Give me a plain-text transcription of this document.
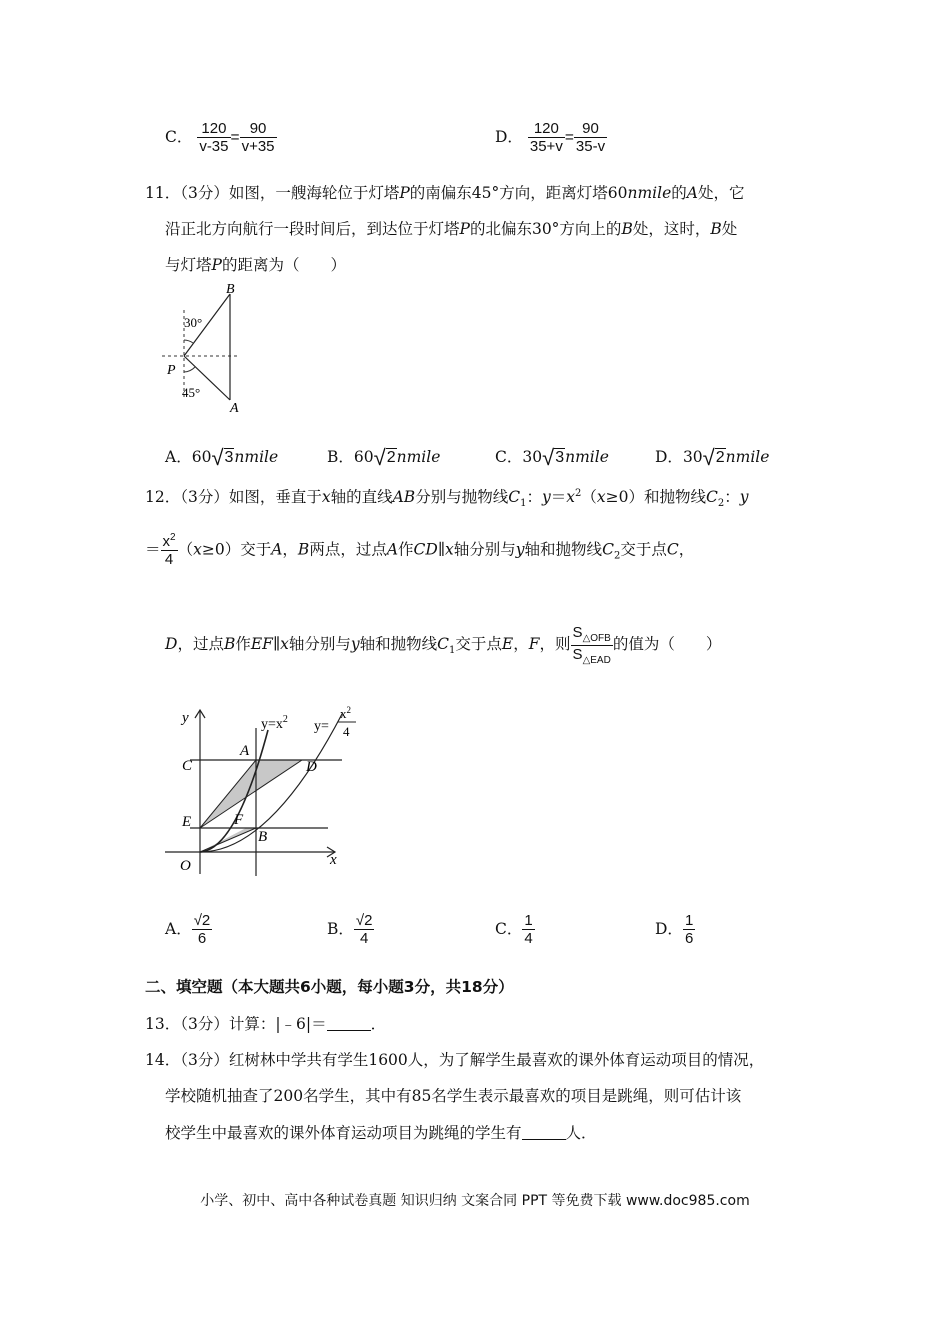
C． $\frac{120}{v-35} = \frac{90}{v+35}$	D． $\frac{120}{35+v} = \frac{90}{35-v}$
11．（3分）如图，一艘海轮位于灯塔P的南偏东45°方向，距离灯塔60nmile的A处，它
沿正北方向航行一段时间后，到达位于灯塔P的北偏东30°方向上的B处，这时，B处
与灯塔P的距离为（　　）
B
P
A
30°
45°
A．60√3nmile	B．60√2nmile	C．30√3nmile	D．30√2nmile
12．（3分）如图，垂直于x轴的直线AB分别与抛物线$C_1$：$y=x^2(x\ge 0)$和抛物线$C_2$：y
＝ $\frac{x^2}{4} (x\ge 0)$交于A，B两点，过点A作CD∥x轴分别与y轴和抛物线$C_2$交于点C，
D，过点B作EF∥x轴分别与y轴和抛物线$C_1$交于点E，F，则 $\frac{S_{\triangle OFB}}{S_{\triangle EAD}}$ 的值为（　　）
y
x
O
C
E
A
D
F
B
$y=x^2$ y=
$x^2$
4
A． $\frac{√2}{6}$	B． $\frac{√2}{4}$	C． $\frac{1}{4}$	D． $\frac{1}{6}$
二、填空题（本大题共6小题，每小题3分，共18分）
13．（3分）计算：|﹣6|＝	．
14．（3分）红树林中学共有学生1600人，为了解学生最喜欢的课外体育运动项目的情况，
学校随机抽查了200名学生，其中有85名学生表示最喜欢的项目是跳绳，则可估计该
校学生中最喜欢的课外体育运动项目为跳绳的学生有	人．
小学、初中、高中各种试卷真题 知识归纳 文案合同 PPT 等免费下载 www.doc985.com
